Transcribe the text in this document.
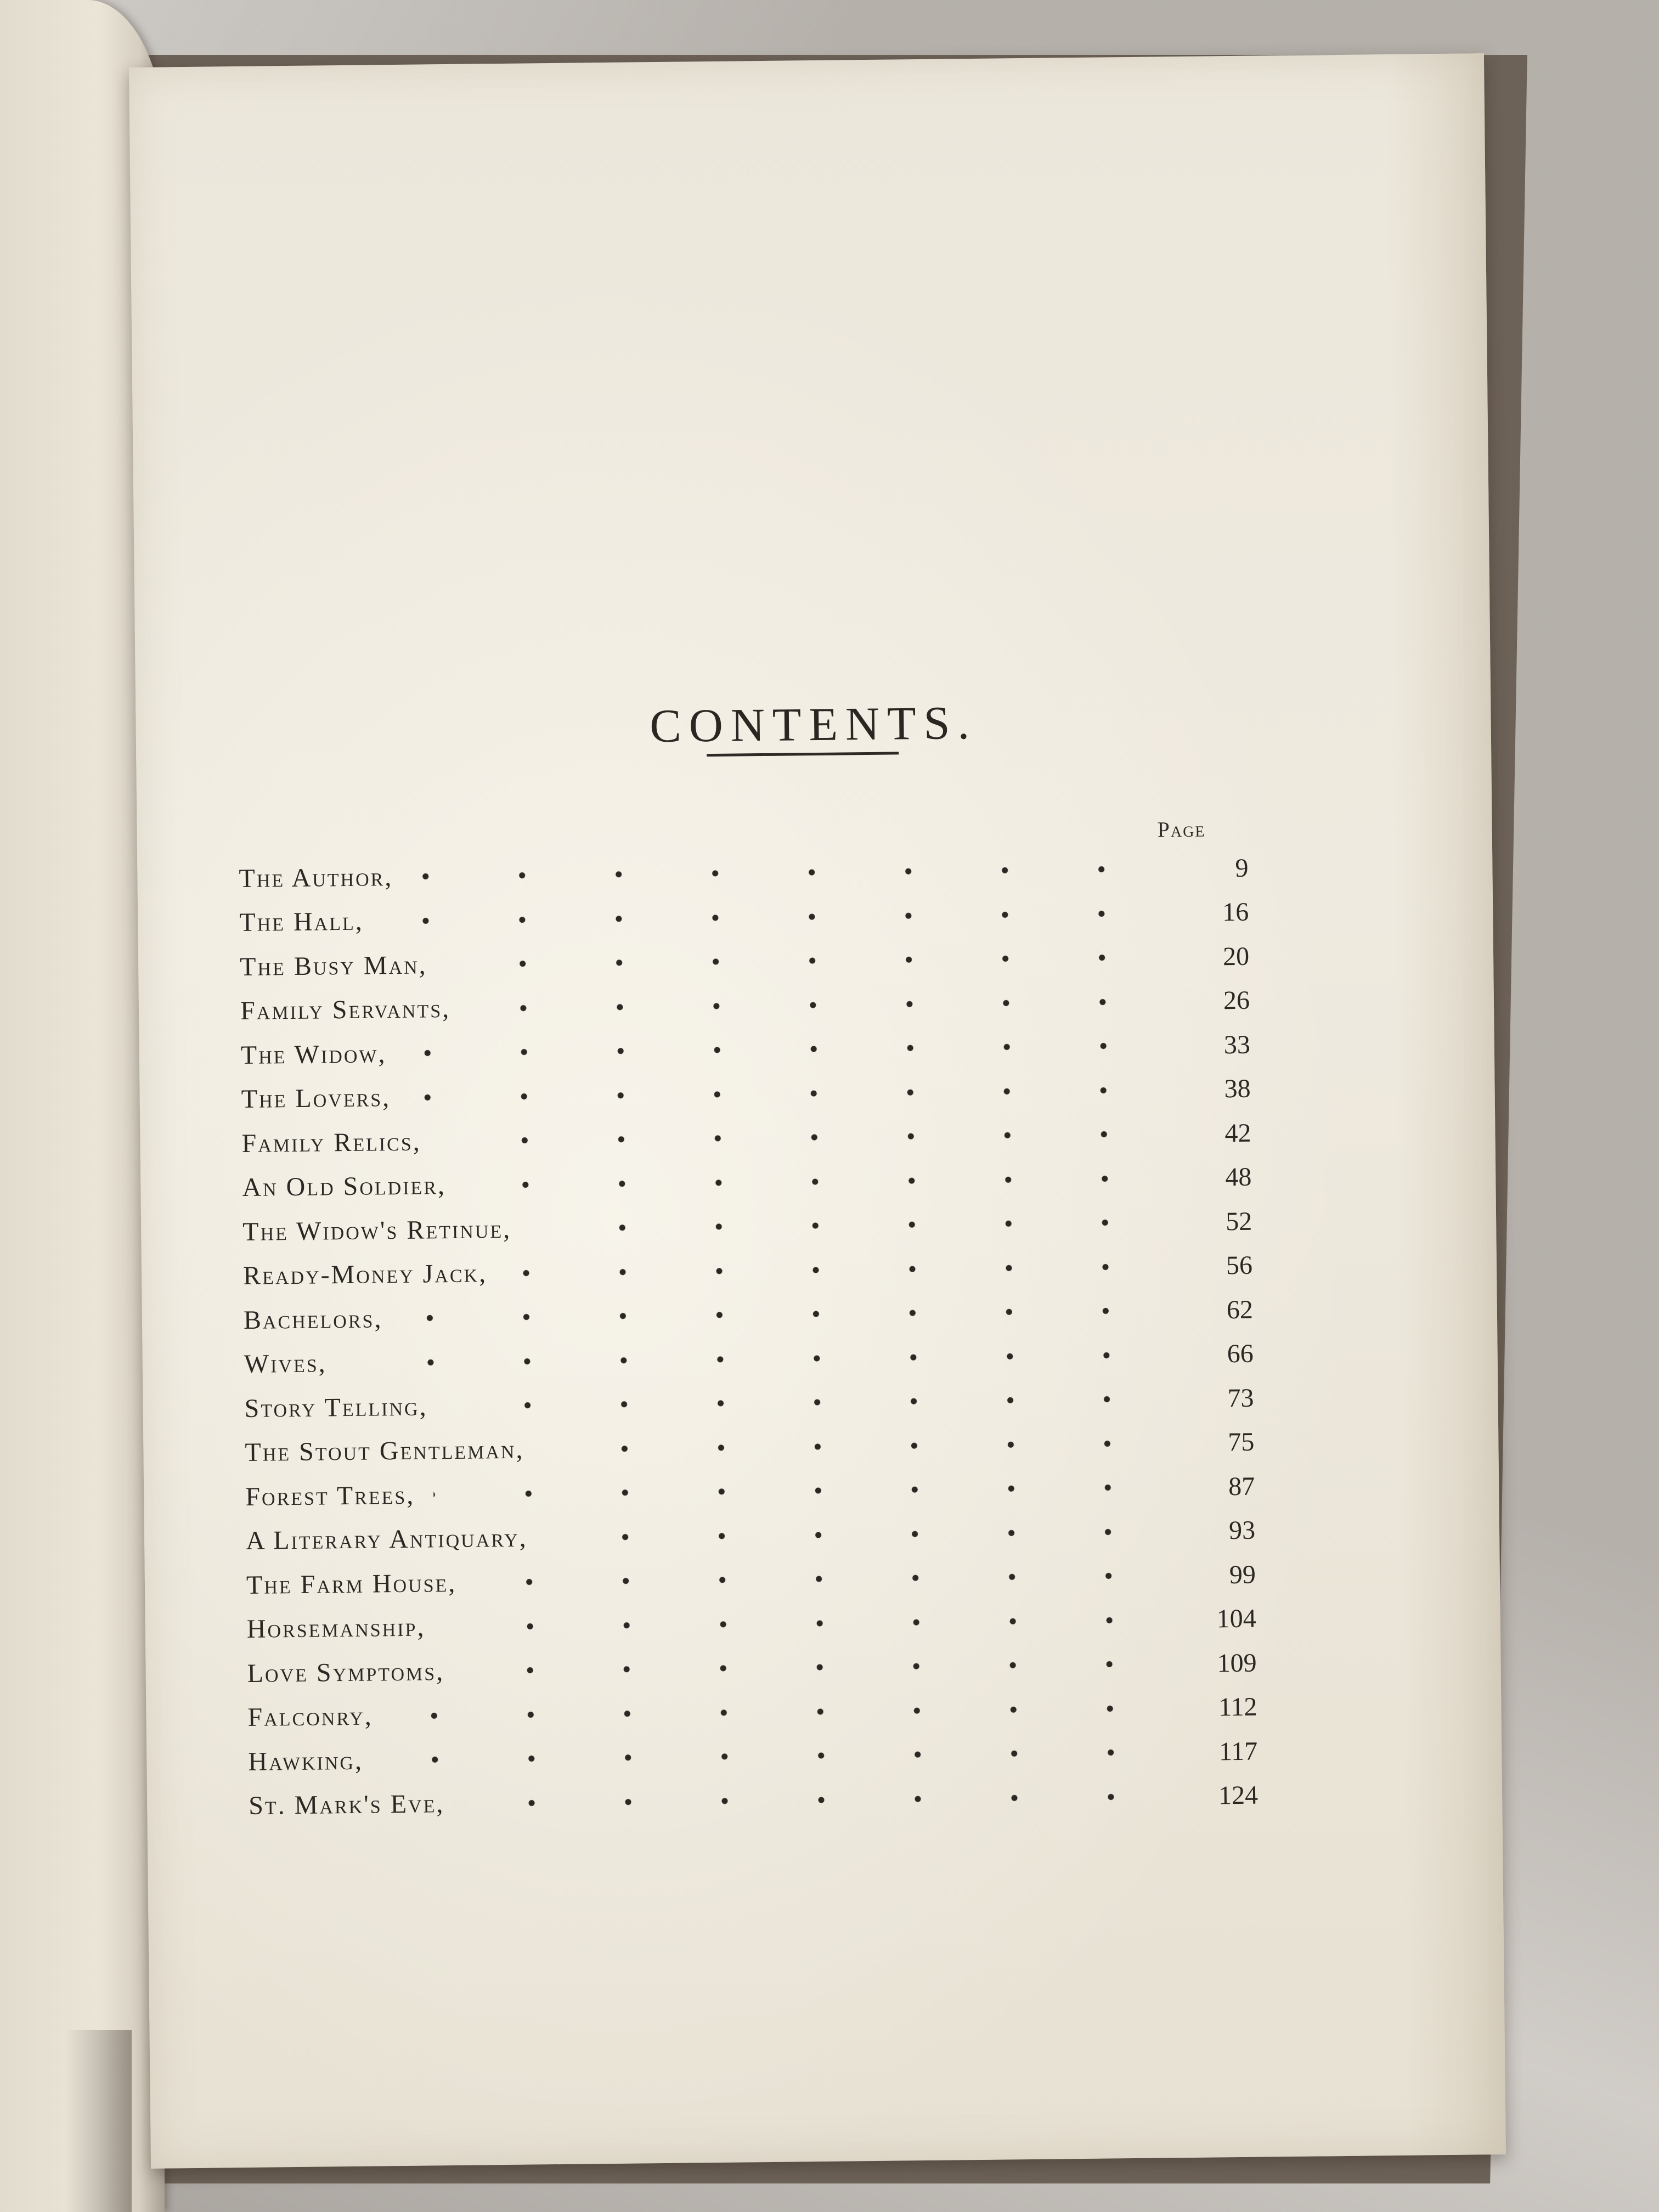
CONTENTS.
Page
The Author,	9
The Hall,	16
The Busy Man,	20
Family Servants,	26
The Widow,	33
The Lovers,	38
Family Relics,	42
An Old Soldier,	48
The Widow's Retinue,	52
Ready-Money Jack,	56
Bachelors,	62
Wives,	66
Story Telling,	73
The Stout Gentleman,	75
Forest Trees,	87
A Literary Antiquary,	93
The Farm House,	99
Horsemanship,	104
Love Symptoms,	109
Falconry,	112
Hawking,	117
St. Mark's Eve,	124
